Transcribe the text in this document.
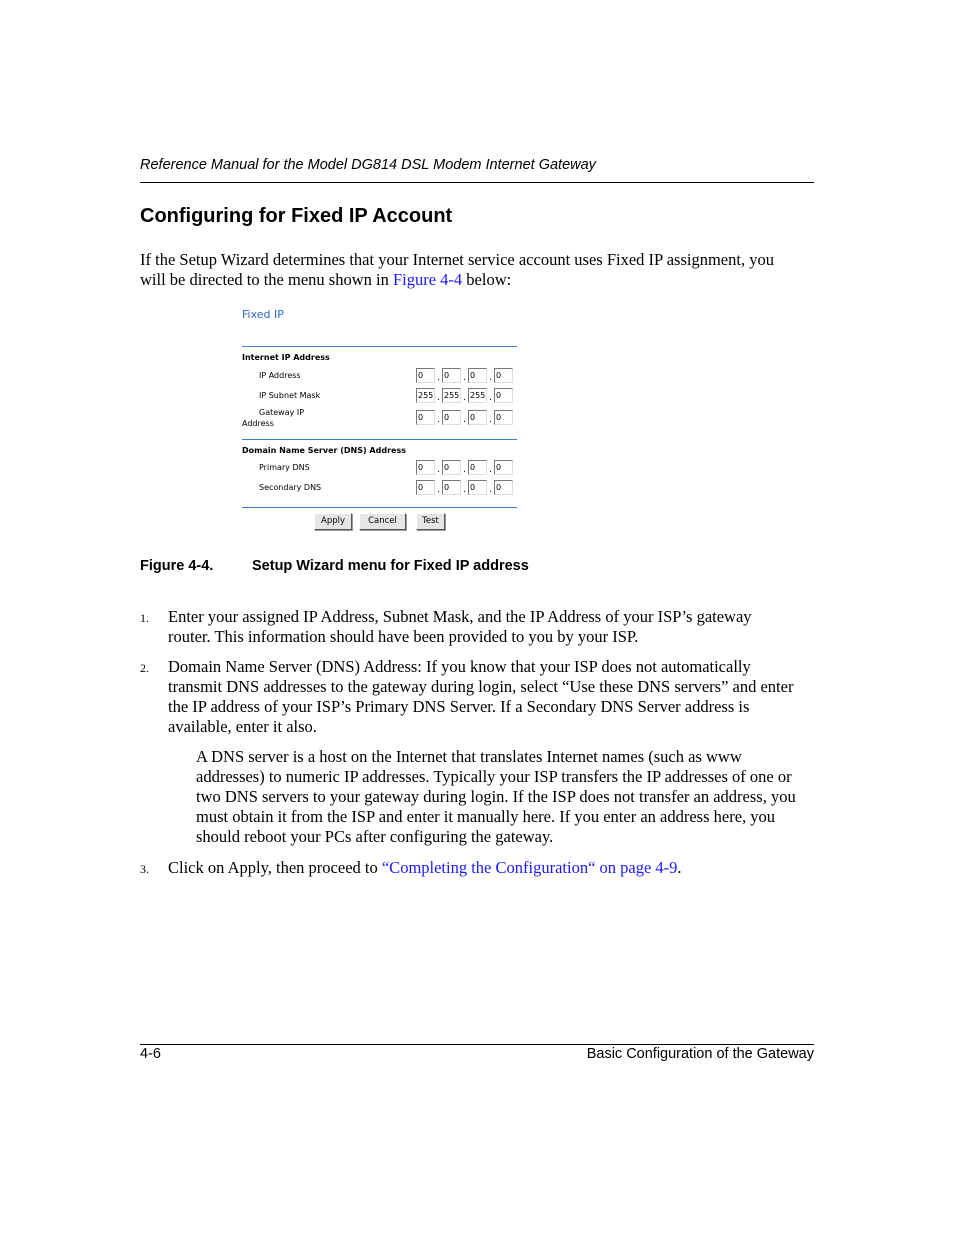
Reference Manual for the Model DG814 DSL Modem Internet Gateway
Configuring for Fixed IP Account
If the Setup Wizard determines that your Internet service account uses Fixed IP assignment, you
will be directed to the menu shown in Figure 4-4 below:
Fixed IP
Internet IP Address
IP Address	0	. 0	. 0	. 0
IP Subnet Mask	255 . 255 . 255 . 0
Gateway IP
Address
0	. 0	. 0	. 0
Domain Name Server (DNS) Address
Primary DNS	0	. 0	. 0	. 0
Secondary DNS	0	. 0	. 0	. 0
Apply	Cancel	Test
Figure 4-4.	Setup Wizard menu for Fixed IP address
1. Enter your assigned IP Address, Subnet Mask, and the IP Address of your ISP’s gateway
router. This information should have been provided to you by your ISP.
2. Domain Name Server (DNS) Address: If you know that your ISP does not automatically
transmit DNS addresses to the gateway during login, select “Use these DNS servers” and enter
the IP address of your ISP’s Primary DNS Server. If a Secondary DNS Server address is
available, enter it also.
A DNS server is a host on the Internet that translates Internet names (such as www
addresses) to numeric IP addresses. Typically your ISP transfers the IP addresses of one or
two DNS servers to your gateway during login. If the ISP does not transfer an address, you
must obtain it from the ISP and enter it manually here. If you enter an address here, you
should reboot your PCs after configuring the gateway.
3. Click on Apply, then proceed to “Completing the Configuration“ on page 4-9.
4-6	Basic Configuration of the Gateway
